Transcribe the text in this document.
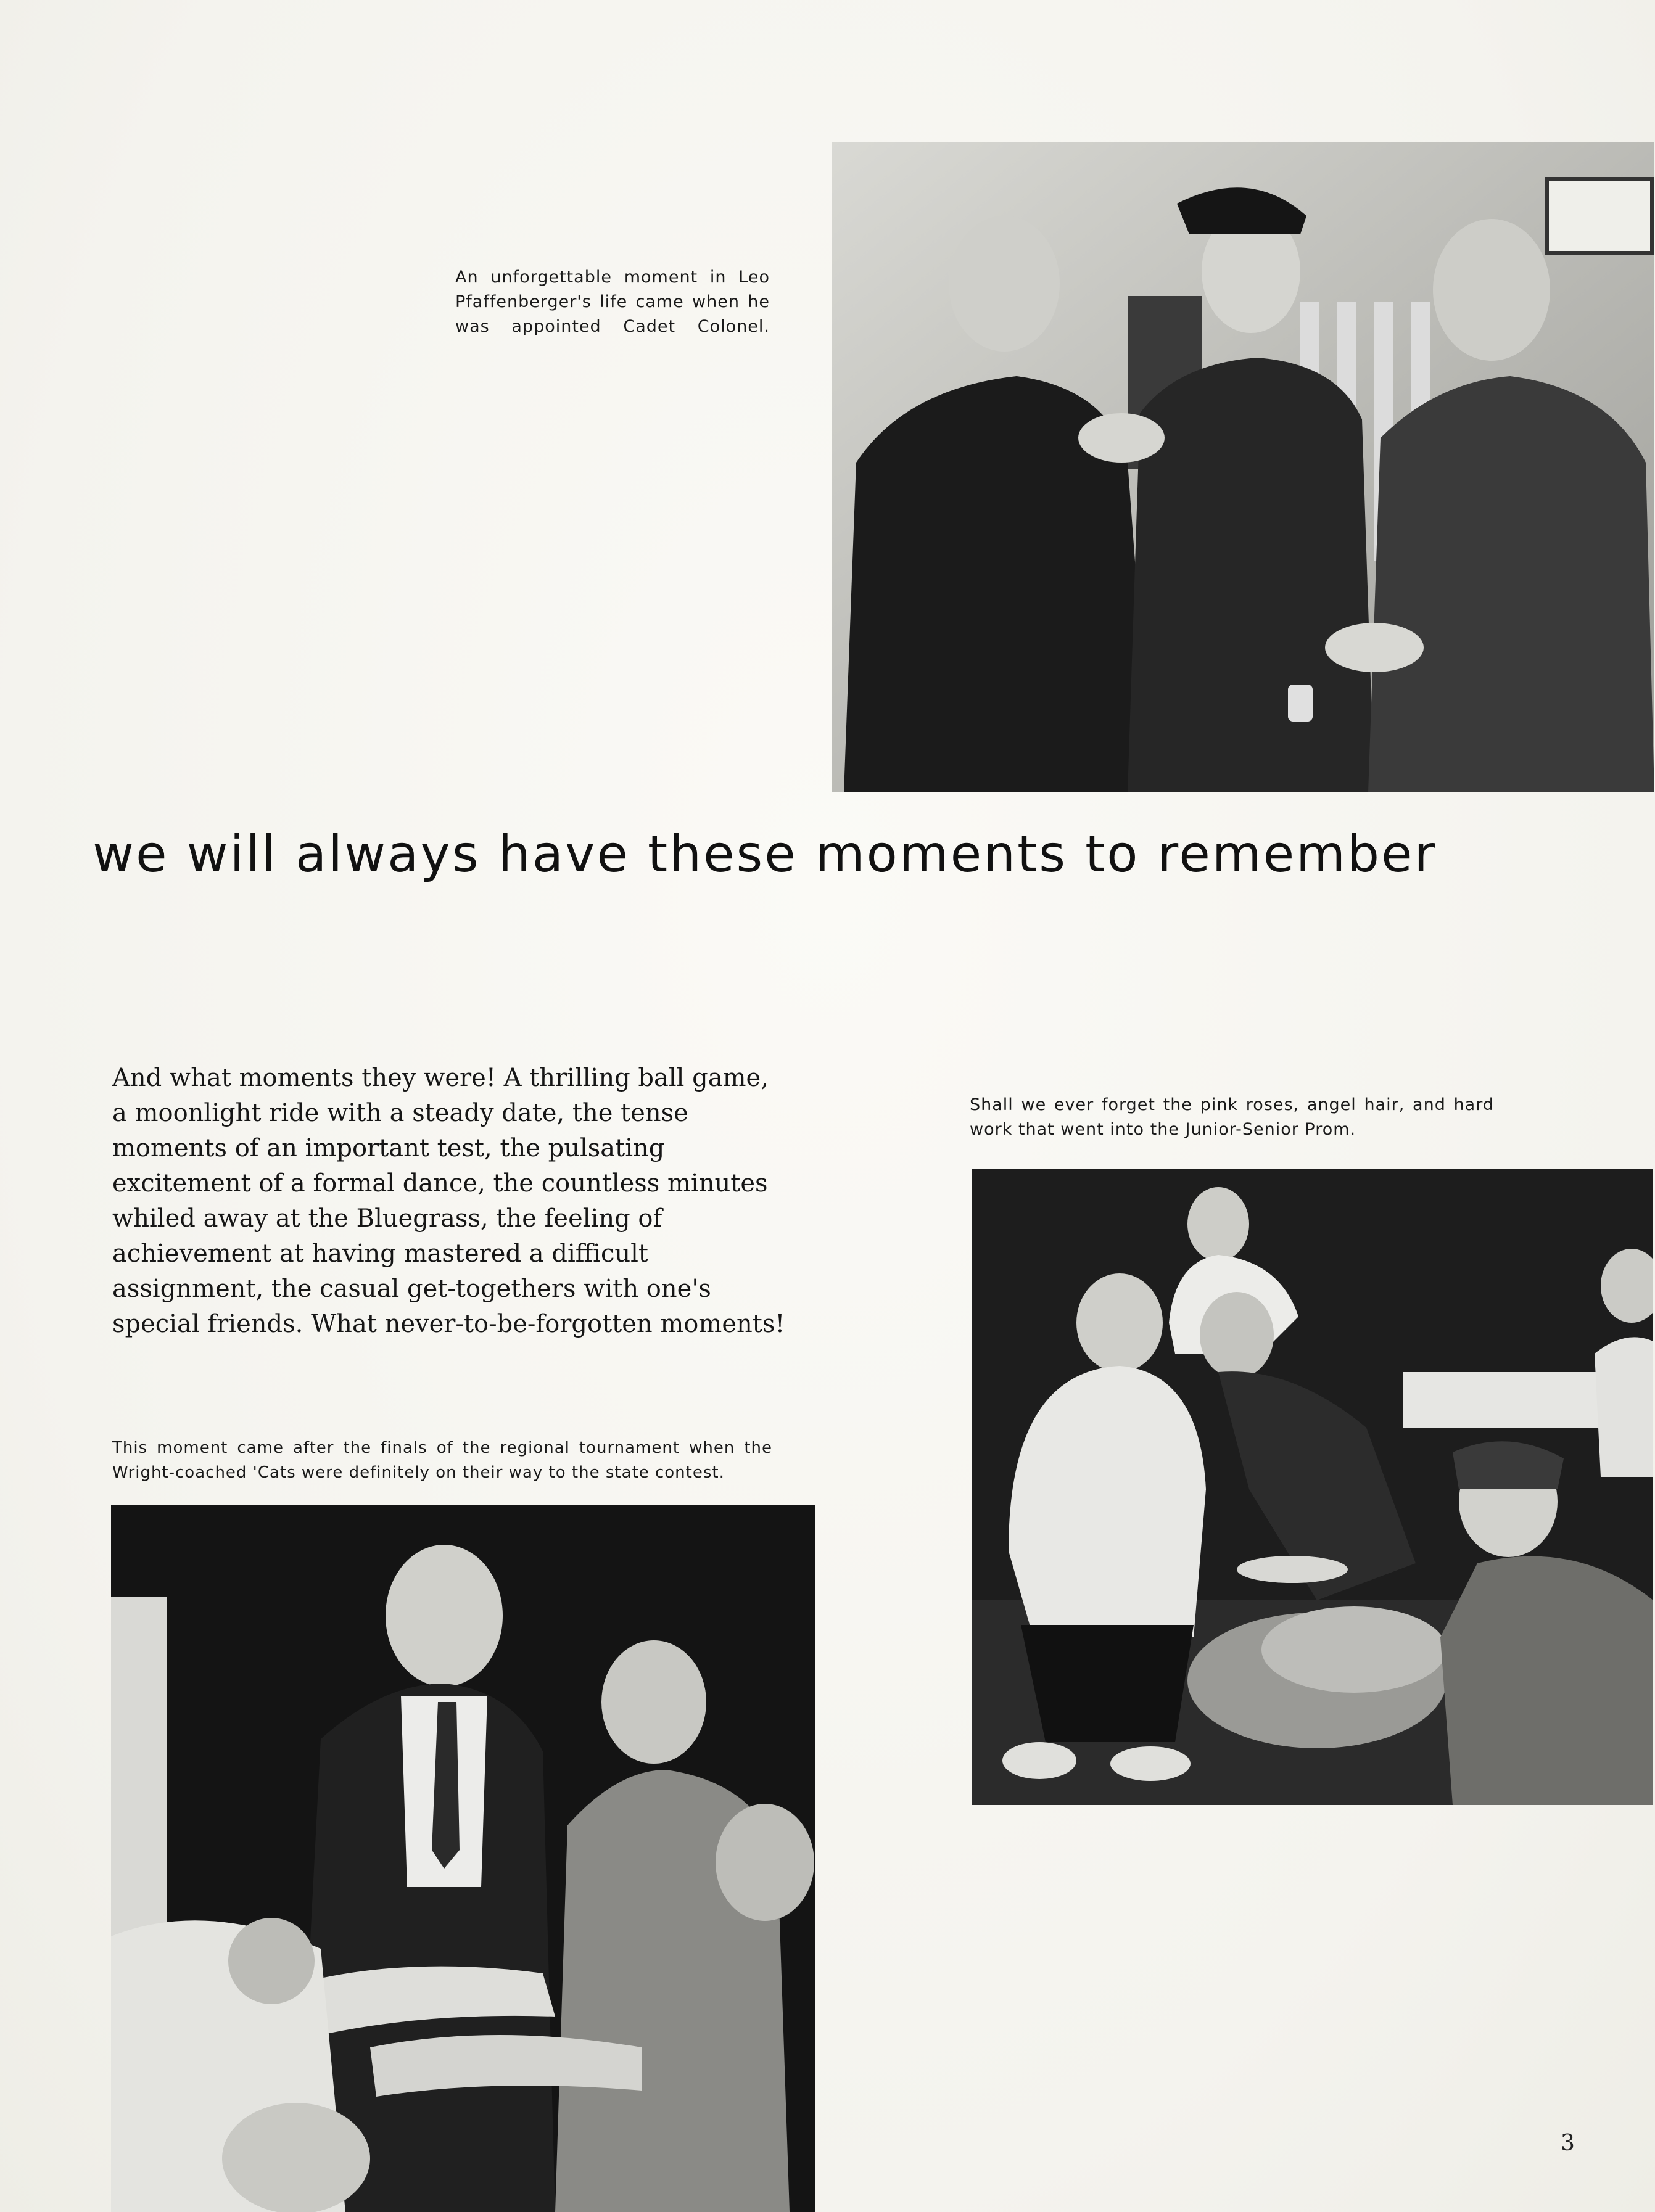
An unforgettable moment in Leo Pfaffenberger's life came when he was appointed Cadet Colonel.

we will always have these moments to remember

And what moments they were! A thrilling ball game, a moonlight ride with a steady date, the tense moments of an important test, the pulsating excitement of a formal dance, the countless minutes whiled away at the Bluegrass, the feeling of achievement at having mastered a difficult assignment, the casual get-togethers with one's special friends. What never-to-be-forgotten moments!

Shall we ever forget the pink roses, angel hair, and hard work that went into the Junior-Senior Prom.

This moment came after the finals of the regional tournament when the Wright-coached 'Cats were definitely on their way to the state contest.

3
